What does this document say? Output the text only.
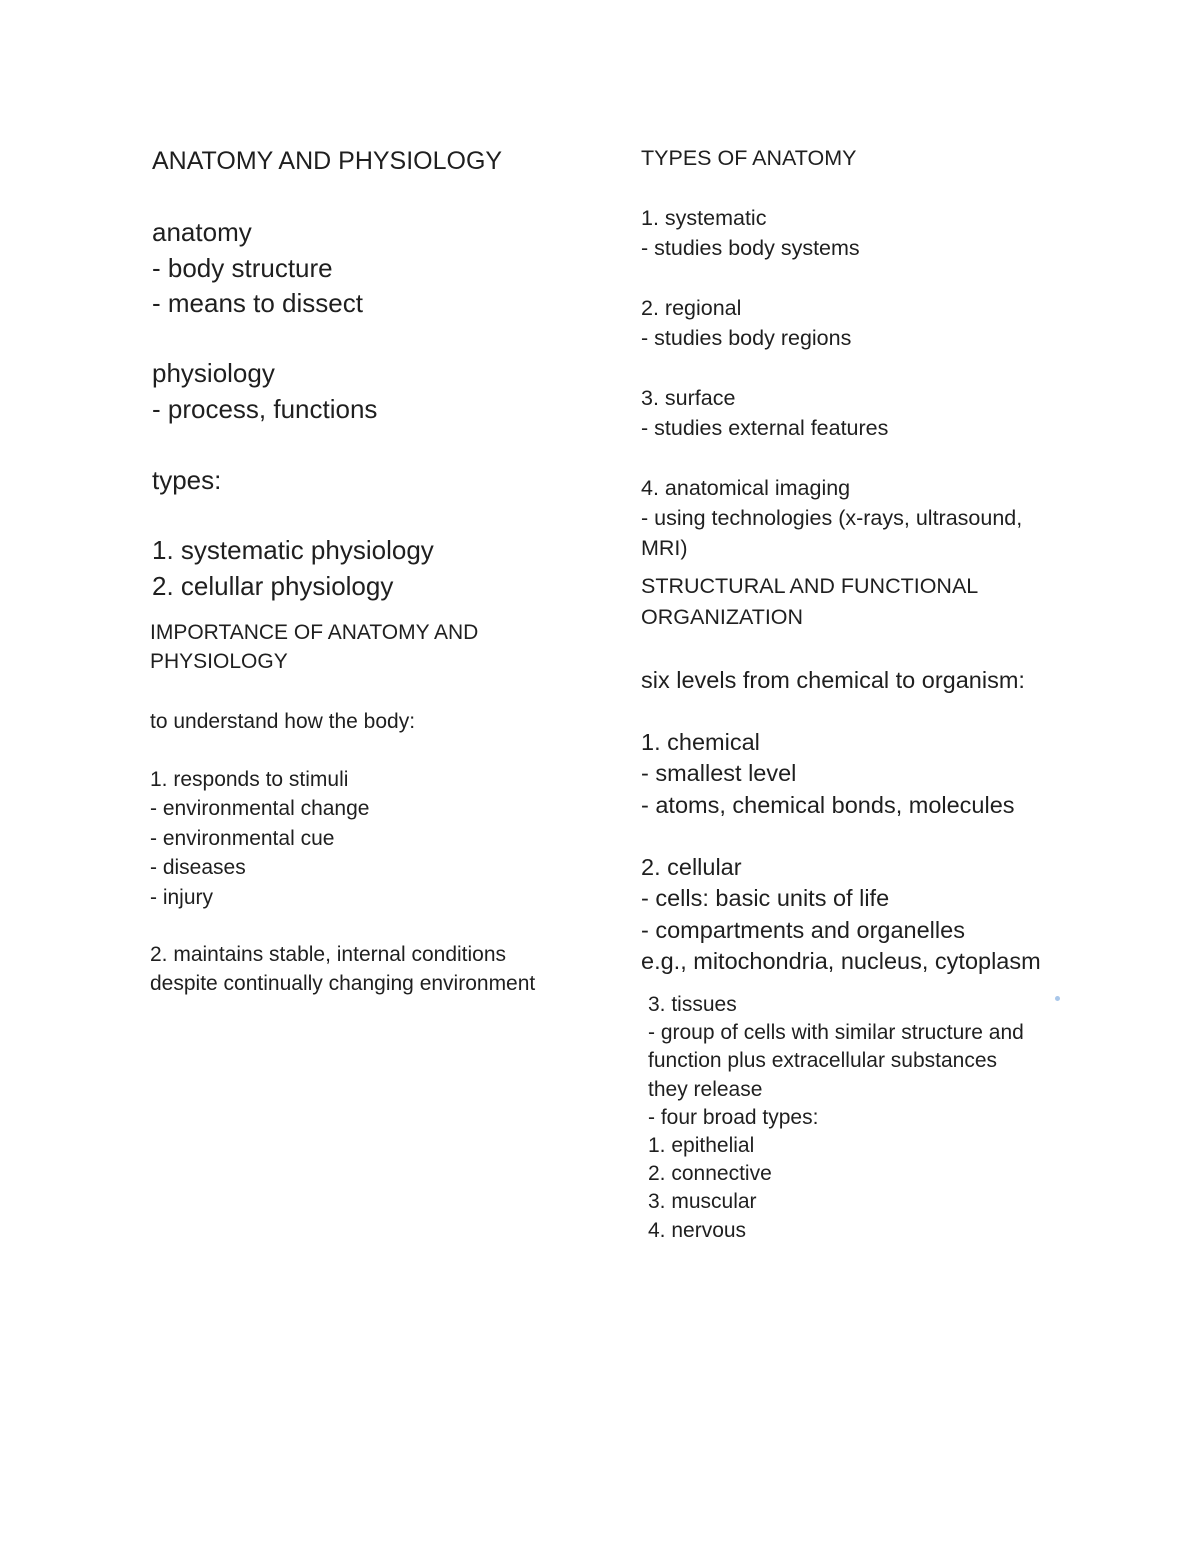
ANATOMY AND PHYSIOLOGY
anatomy
- body structure
- means to dissect
physiology
- process, functions
types:
1. systematic physiology
2. celullar physiology
IMPORTANCE OF ANATOMY AND
PHYSIOLOGY
to understand how the body:
1. responds to stimuli
- environmental change
- environmental cue
- diseases
- injury
2. maintains stable, internal conditions
despite continually changing environment
TYPES OF ANATOMY
1. systematic
- studies body systems
2. regional
- studies body regions
3. surface
- studies external features
4. anatomical imaging
- using technologies (x-rays, ultrasound,
MRI)
STRUCTURAL AND FUNCTIONAL
ORGANIZATION
six levels from chemical to organism:
1. chemical
- smallest level
- atoms, chemical bonds, molecules
2. cellular
- cells: basic units of life
- compartments and organelles
e.g., mitochondria, nucleus, cytoplasm
3. tissues
- group of cells with similar structure and
function plus extracellular substances
they release
- four broad types:
1. epithelial
2. connective
3. muscular
4. nervous
